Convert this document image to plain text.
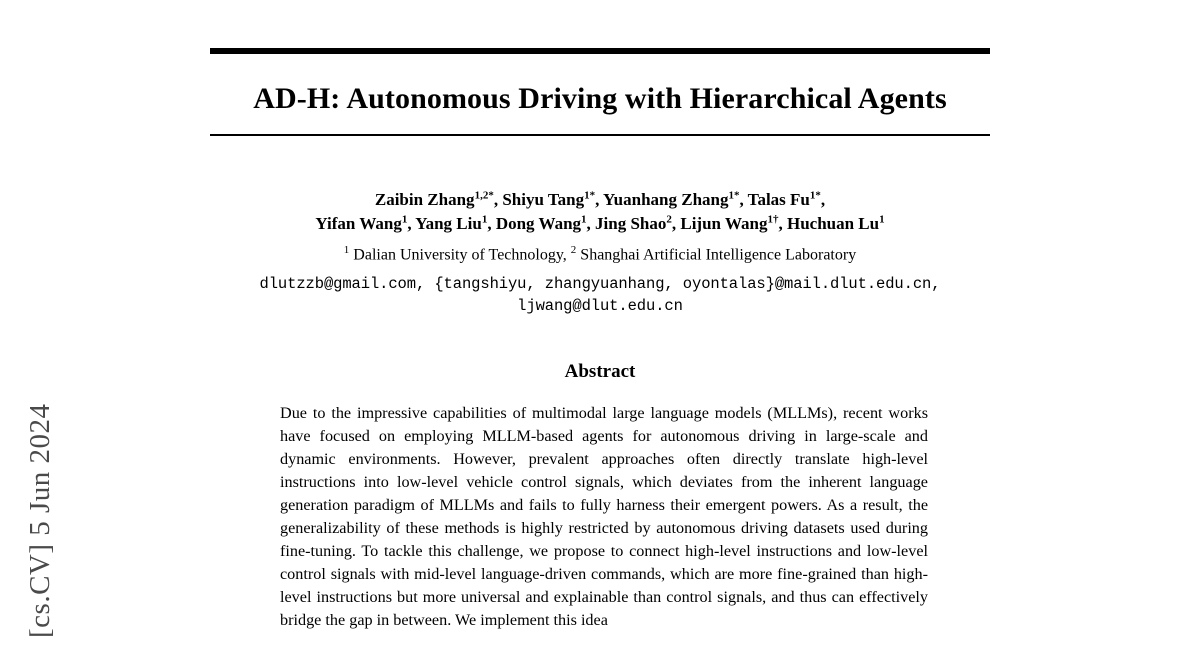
[cs.CV] 5 Jun 2024
AD-H: Autonomous Driving with Hierarchical Agents
Zaibin Zhang$^{1,2*}$, Shiyu Tang$^{1*}$, Yuanhang Zhang$^{1*}$, Talas $Fu^{1*}$,
Yifan Wang$^1$, Yang Liu$^1$, Dong Wang$^1$, Jing Shao$^2$, Lijun Wang$^{1\dagger}$, Huchuan Lu$^1$
$^1$ Dalian University of Technology, $^2$ Shanghai Artificial Intelligence Laboratory
dlutzzb@gmail.com, {tangshiyu, zhangyuanhang, oyontalas}@mail.dlut.edu.cn,
ljwang@dlut.edu.cn
Abstract
Due to the impressive capabilities of multimodal large language models (MLLMs), recent works have focused on employing MLLM-based agents for autonomous driving in large-scale and dynamic environments. However, prevalent approaches often directly translate high-level instructions into low-level vehicle control signals, which deviates from the inherent language generation paradigm of MLLMs and fails to fully harness their emergent powers. As a result, the generalizability of these methods is highly restricted by autonomous driving datasets used during fine-tuning. To tackle this challenge, we propose to connect high-level instructions and low-level control signals with mid-level language-driven commands, which are more fine-grained than high-level instructions but more universal and explainable than control signals, and thus can effectively bridge the gap in between. We implement this idea
